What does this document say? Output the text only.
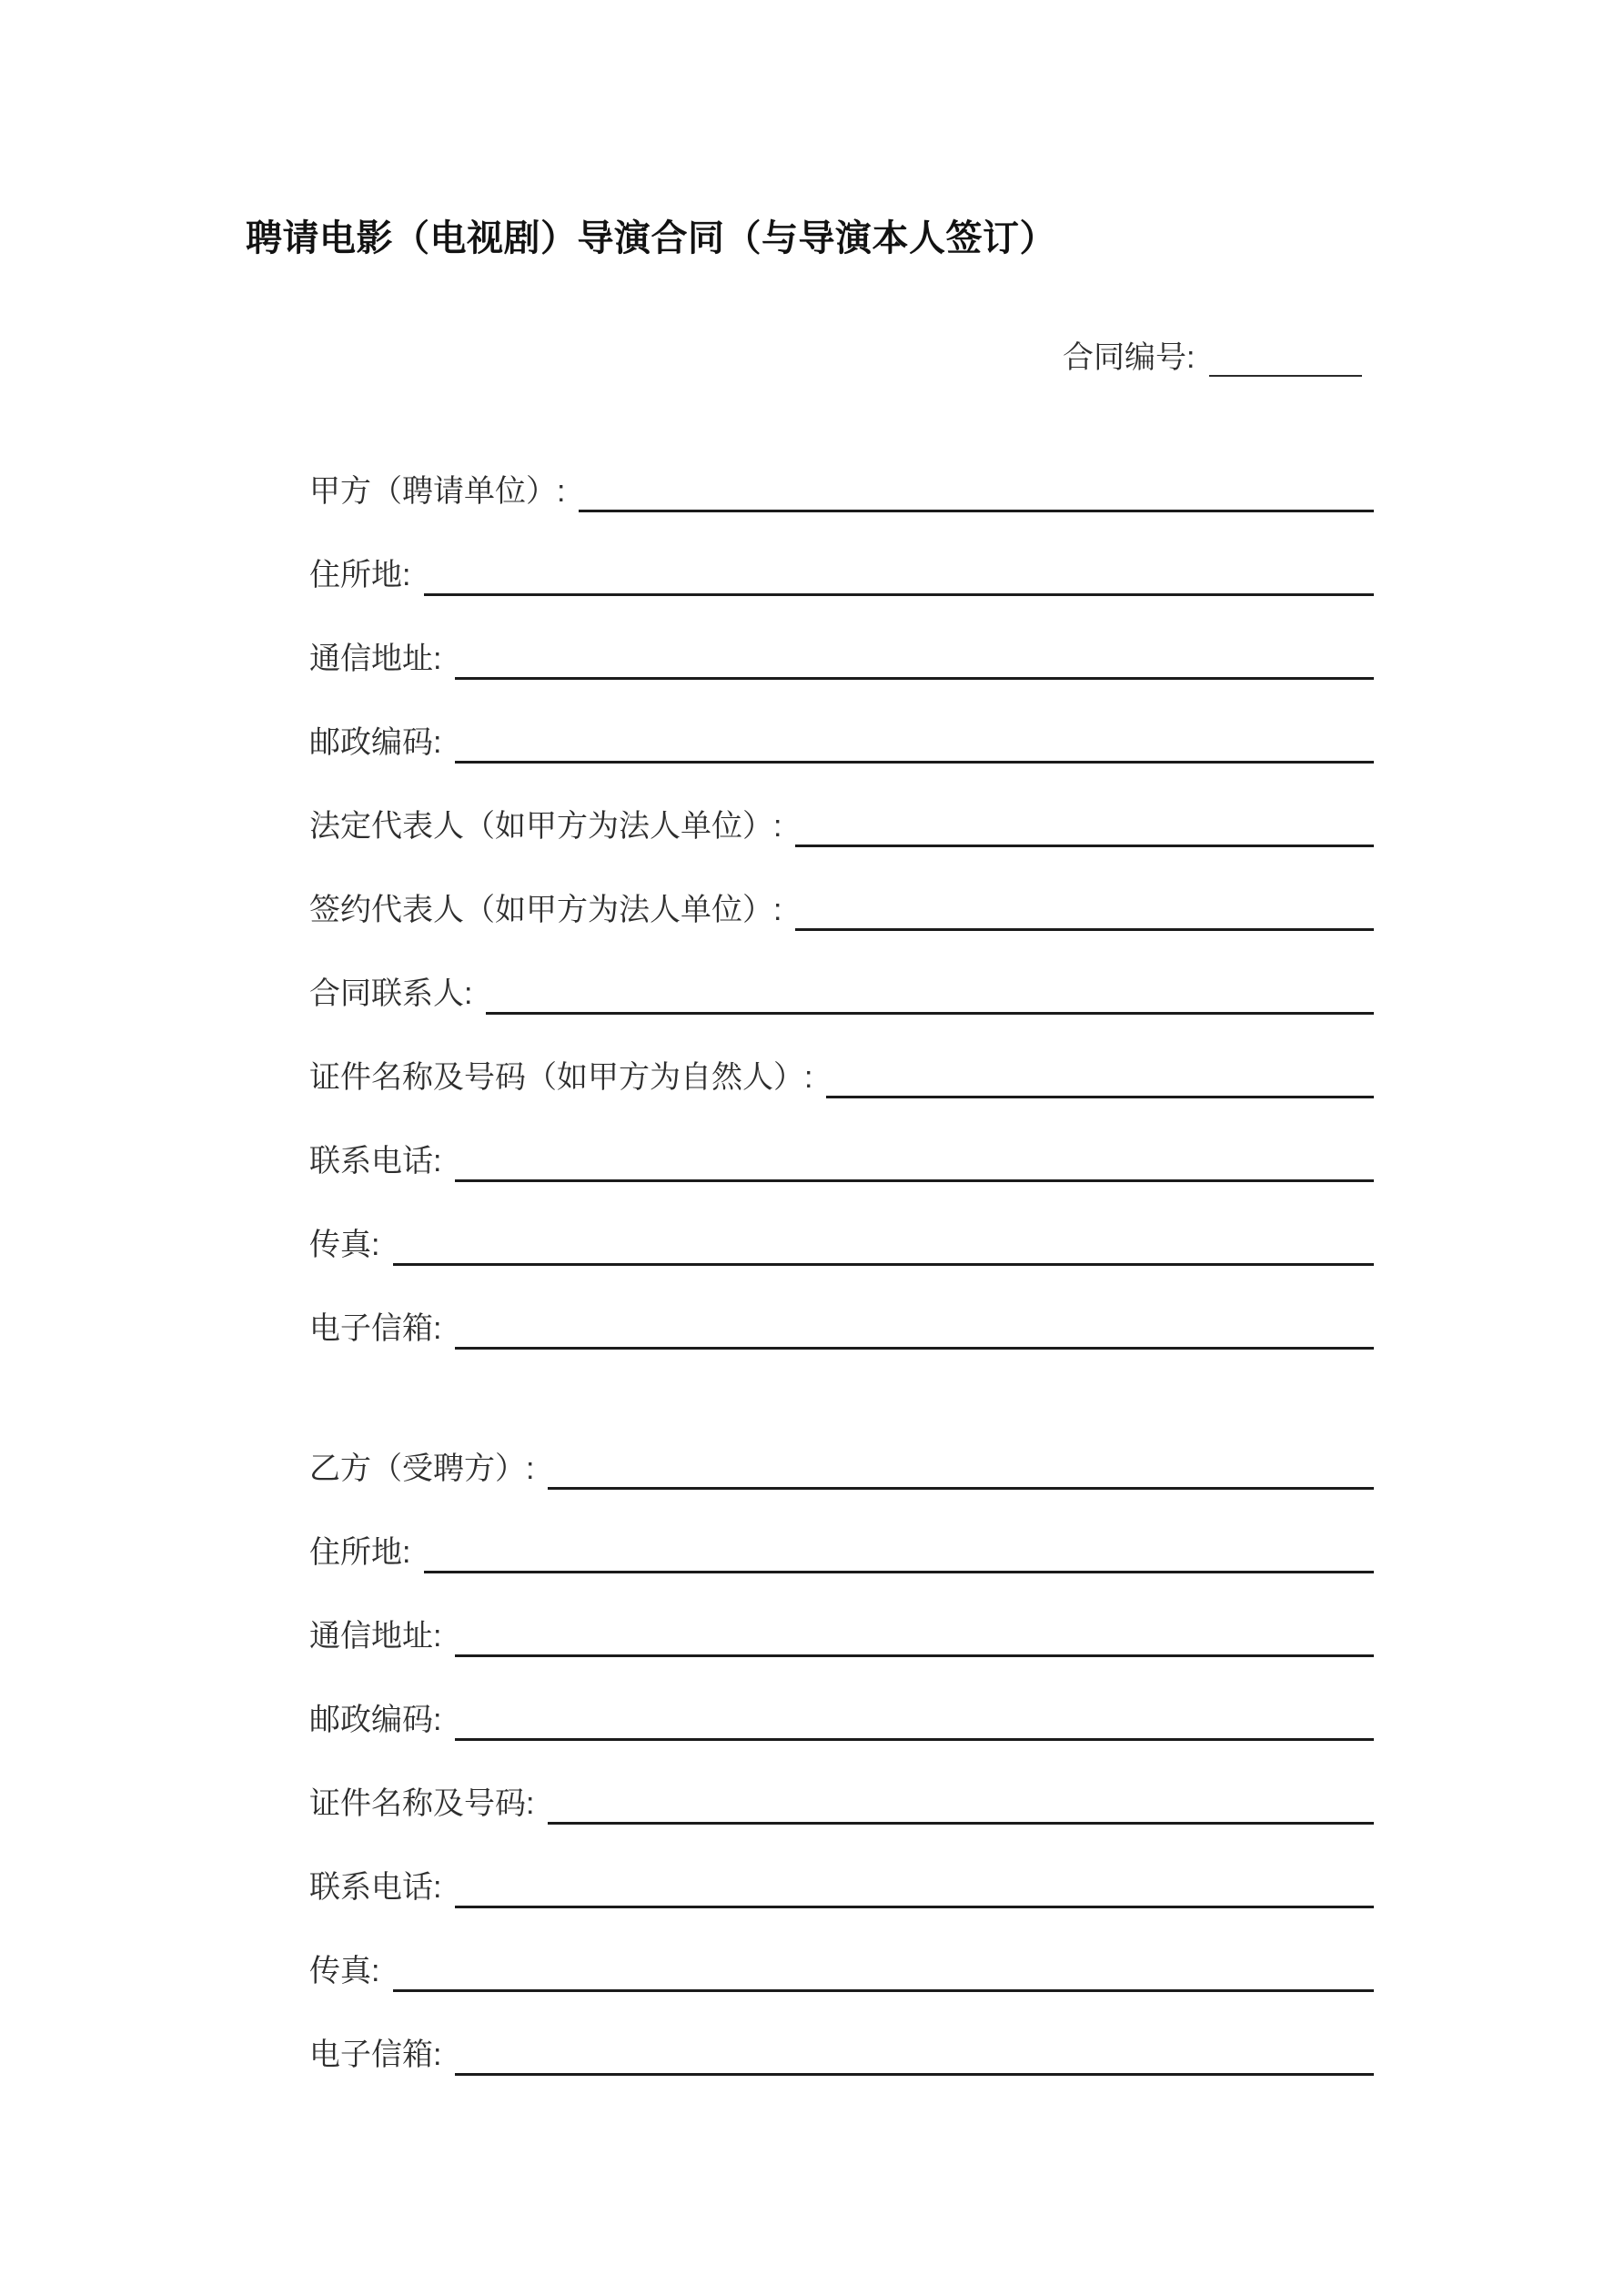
聘请电影（电视剧）导演合同（与导演本人签订）
合同编号:
甲方（聘请单位）:
住所地:
通信地址:
邮政编码:
法定代表人（如甲方为法人单位）:
签约代表人（如甲方为法人单位）:
合同联系人:
证件名称及号码（如甲方为自然人）:
联系电话:
传真:
电子信箱:
乙方（受聘方）:
住所地:
通信地址:
邮政编码:
证件名称及号码:
联系电话:
传真:
电子信箱:
